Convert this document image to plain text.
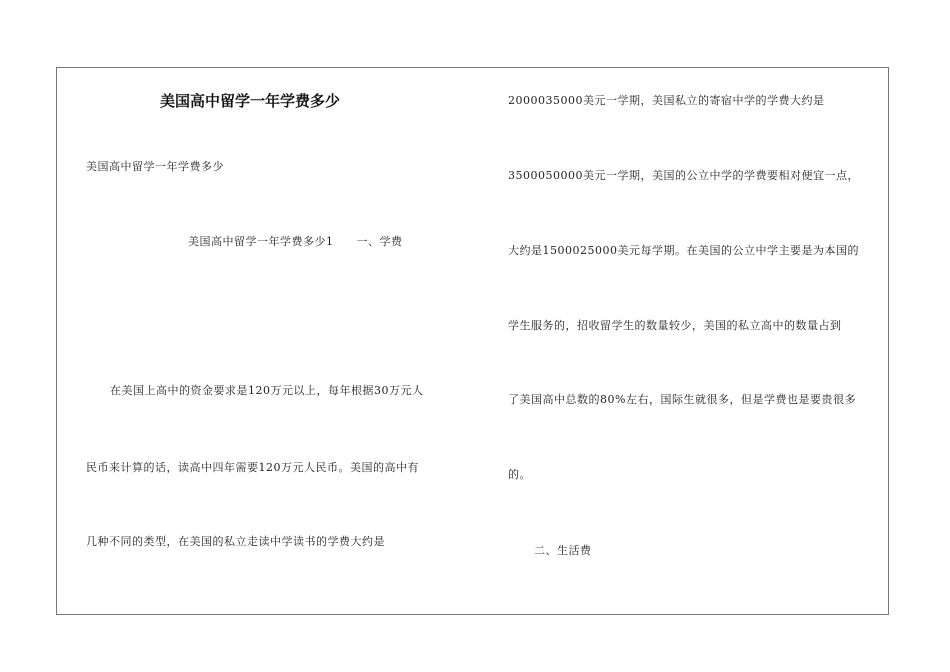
美国高中留学一年学费多少
美国高中留学一年学费多少
美国高中留学一年学费多少1　　一、学费
在美国上高中的资金要求是120万元以上，每年根据30万元人
民币来计算的话，读高中四年需要120万元人民币。美国的高中有
几种不同的类型，在美国的私立走读中学读书的学费大约是
2000035000美元一学期，美国私立的寄宿中学的学费大约是
3500050000美元一学期，美国的公立中学的学费要相对便宜一点，
大约是1500025000美元每学期。在美国的公立中学主要是为本国的
学生服务的，招收留学生的数量较少，美国的私立高中的数量占到
了美国高中总数的80%左右，国际生就很多，但是学费也是要贵很多
的。
二、生活费
